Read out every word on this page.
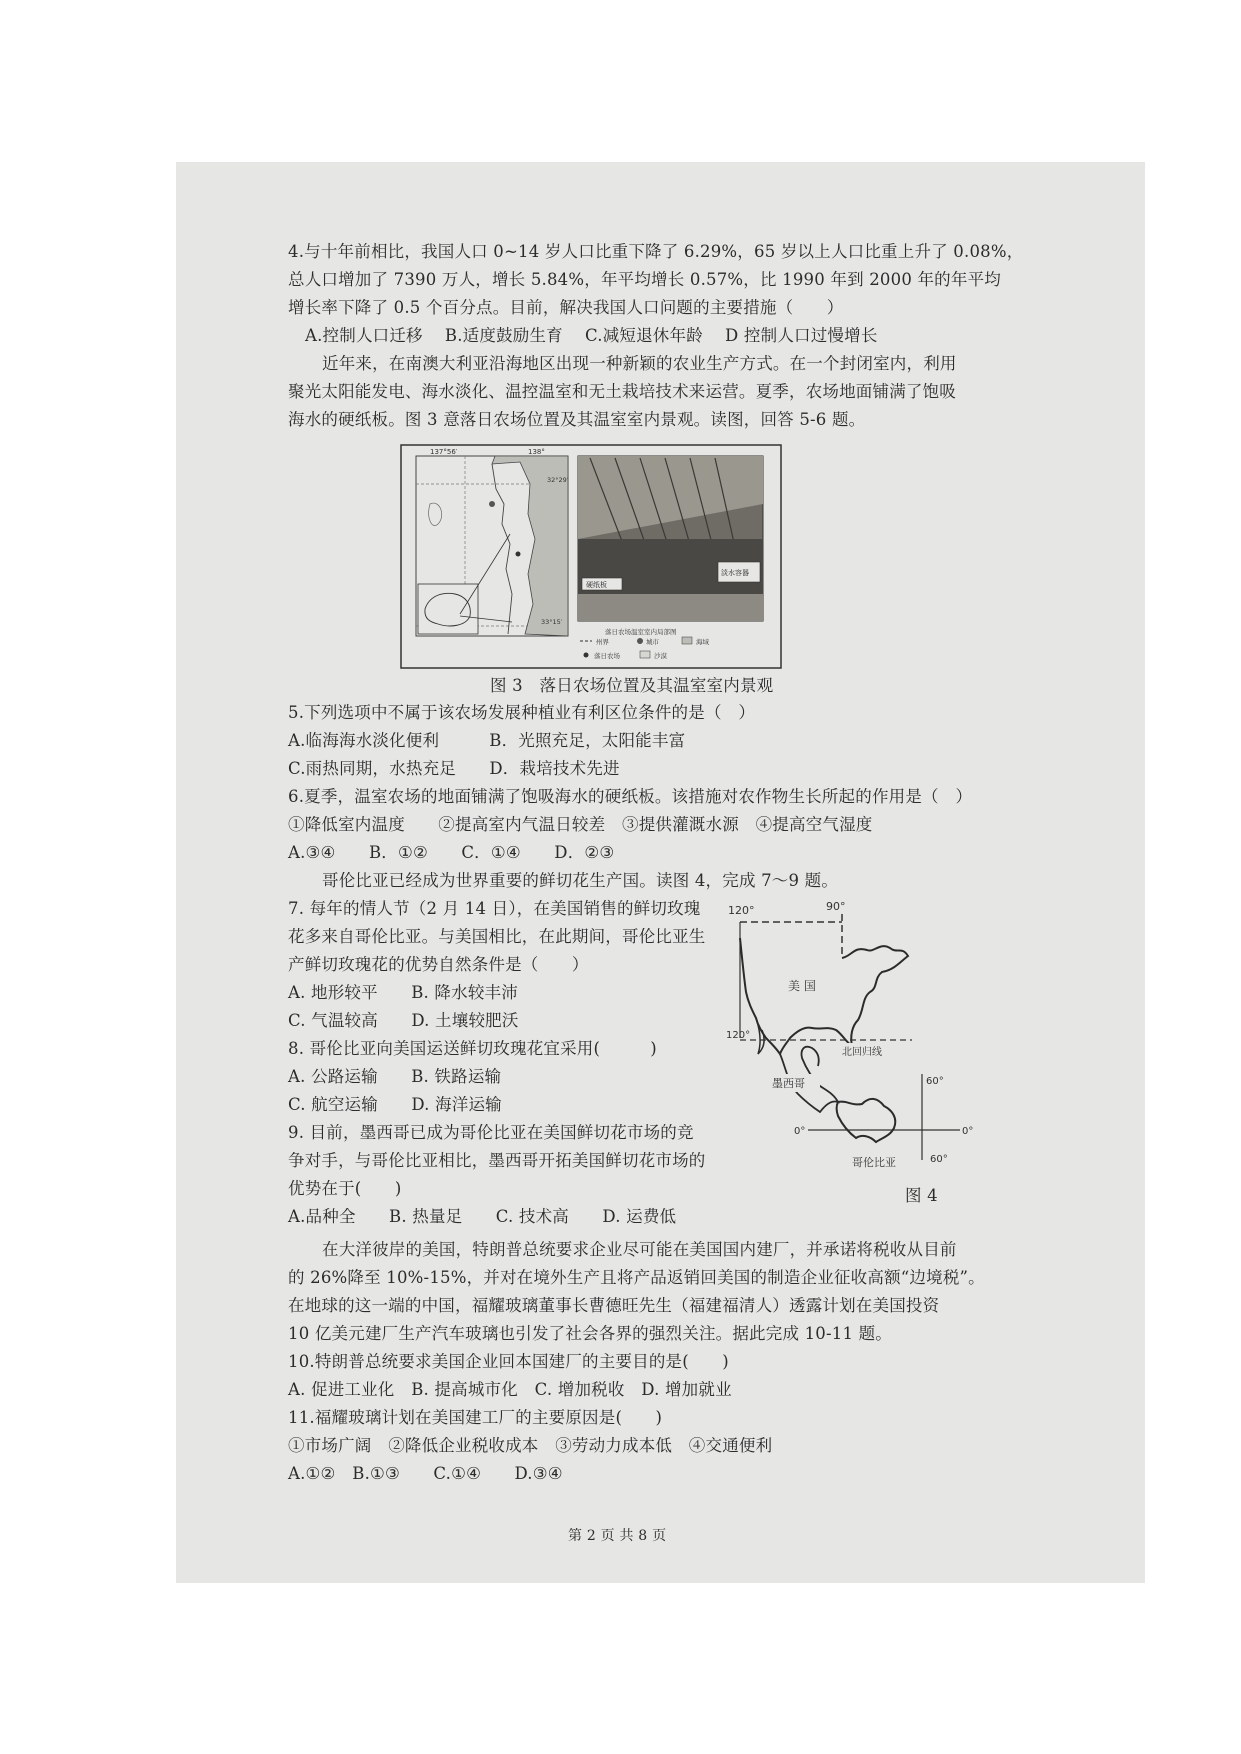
4.与十年前相比，我国人口 0~14 岁人口比重下降了 6.29%，65 岁以上人口比重上升了 0.08%，
总人口增加了 7390 万人，增长 5.84%，年平均增长 0.57%，比 1990 年到 2000 年的年平均
增长率下降了 0.5 个百分点。目前，解决我国人口问题的主要措施（　　）
A.控制人口迁移　 B.适度鼓励生育　 C.减短退休年龄　 D 控制人口过慢增长
近年来，在南澳大利亚沿海地区出现一种新颖的农业生产方式。在一个封闭室内，利用
聚光太阳能发电、海水淡化、温控温室和无土栽培技术来运营。夏季，农场地面铺满了饱吸
海水的硬纸板。图 3 意落日农场位置及其温室室内景观。读图，回答 5-6 题。
137°56′	138°
32°29′
33°15′
硬纸板
淡水容器
落日农场温室室内局部图
州界	城市	海域
落日农场	沙漠
图 3　落日农场位置及其温室室内景观
5.下列选项中不属于该农场发展种植业有利区位条件的是（　）
A.临海海水淡化便利　　　B．光照充足，太阳能丰富
C.雨热同期，水热充足　　D．栽培技术先进
6.夏季，温室农场的地面铺满了饱吸海水的硬纸板。该措施对农作物生长所起的作用是（　）
①降低室内温度　　②提高室内气温日较差　③提供灌溉水源　④提高空气湿度
A.③④　　B．①②　　C．①④　　D．②③
哥伦比亚已经成为世界重要的鲜切花生产国。读图 4，完成 7～9 题。
7. 每年的情人节（2 月 14 日），在美国销售的鲜切玫瑰
花多来自哥伦比亚。与美国相比，在此期间，哥伦比亚生
产鲜切玫瑰花的优势自然条件是（　　）
A. 地形较平　　B. 降水较丰沛
C. 气温较高　　D. 土壤较肥沃
8. 哥伦比亚向美国运送鲜切玫瑰花宜采用(　　　)
A. 公路运输　　B. 铁路运输
C. 航空运输　　D. 海洋运输
9. 目前，墨西哥已成为哥伦比亚在美国鲜切花市场的竞
争对手，与哥伦比亚相比，墨西哥开拓美国鲜切花市场的
优势在于(　　)
A.品种全　　B. 热量足　　C. 技术高　　D. 运费低
120°	90°
美 国
120°
北回归线
墨西哥	60°
0°	0°
哥伦比亚	60°
图 4
在大洋彼岸的美国，特朗普总统要求企业尽可能在美国国内建厂，并承诺将税收从目前
的 26%降至 10%-15%，并对在境外生产且将产品返销回美国的制造企业征收高额“边境税”。
在地球的这一端的中国，福耀玻璃董事长曹德旺先生（福建福清人）透露计划在美国投资
10 亿美元建厂生产汽车玻璃也引发了社会各界的强烈关注。据此完成 10-11 题。
10.特朗普总统要求美国企业回本国建厂的主要目的是(　　)
A. 促进工业化　B. 提高城市化　C. 增加税收　D. 增加就业
11.福耀玻璃计划在美国建工厂的主要原因是(　　)
①市场广阔　②降低企业税收成本　③劳动力成本低　④交通便利
A.①②　B.①③　　C.①④　　D.③④
第 2 页 共 8 页
